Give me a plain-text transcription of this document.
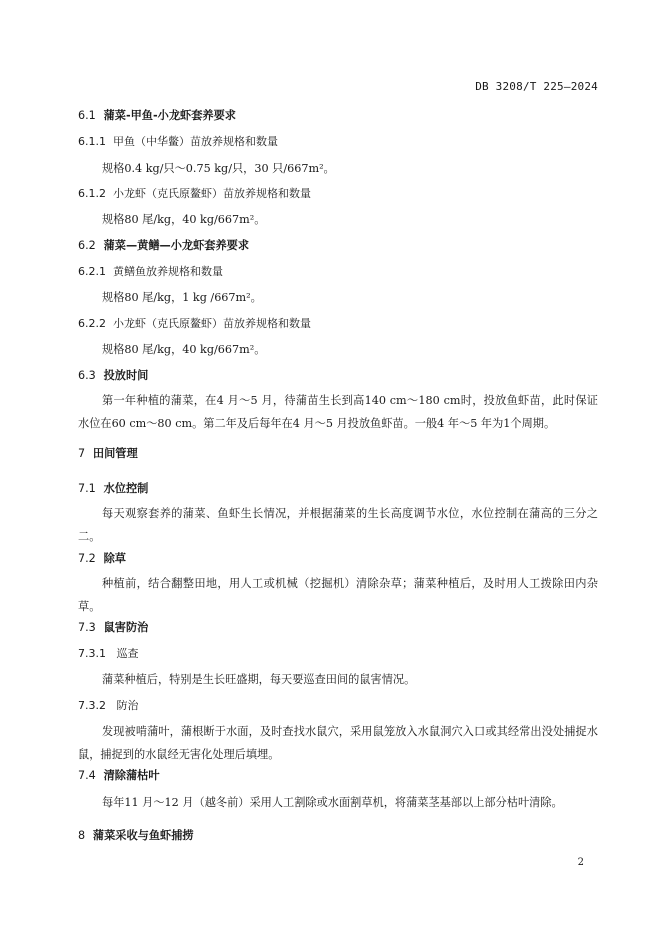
DB 3208/T 225—2024
6.1 蒲菜-甲鱼-小龙虾套养要求
6.1.1 甲鱼（中华鳖）苗放养规格和数量
规格0.4 kg/只～0.75 kg/只，30 只/667m²。
6.1.2 小龙虾（克氏原鳌虾）苗放养规格和数量
规格80 尾/kg，40 kg/667m²。
6.2 蒲菜—黄鳝—小龙虾套养要求
6.2.1 黄鳝鱼放养规格和数量
规格80 尾/kg，1 kg /667m²。
6.2.2 小龙虾（克氏原鳌虾）苗放养规格和数量
规格80 尾/kg，40 kg/667m²。
6.3 投放时间
第一年种植的蒲菜，在4 月～5 月，待蒲苗生长到高140 cm～180 cm时，投放鱼虾苗，此时保证水位在60 cm～80 cm。第二年及后每年在4 月～5 月投放鱼虾苗。一般4 年～5 年为1个周期。
7 田间管理
7.1 水位控制
每天观察套养的蒲菜、鱼虾生长情况，并根据蒲菜的生长高度调节水位，水位控制在蒲高的三分之二。
7.2 除草
种植前，结合翻整田地，用人工或机械（挖掘机）清除杂草；蒲菜种植后，及时用人工拨除田内杂草。
7.3 鼠害防治
7.3.1 巡查
蒲菜种植后，特别是生长旺盛期，每天要巡查田间的鼠害情况。
7.3.2 防治
发现被啃蒲叶，蒲根断于水面，及时查找水鼠穴，采用鼠笼放入水鼠洞穴入口或其经常出没处捕捉水鼠，捕捉到的水鼠经无害化处理后填埋。
7.4 清除蒲枯叶
每年11 月～12 月（越冬前）采用人工割除或水面割草机，将蒲菜茎基部以上部分枯叶清除。
8 蒲菜采收与鱼虾捕捞
2
